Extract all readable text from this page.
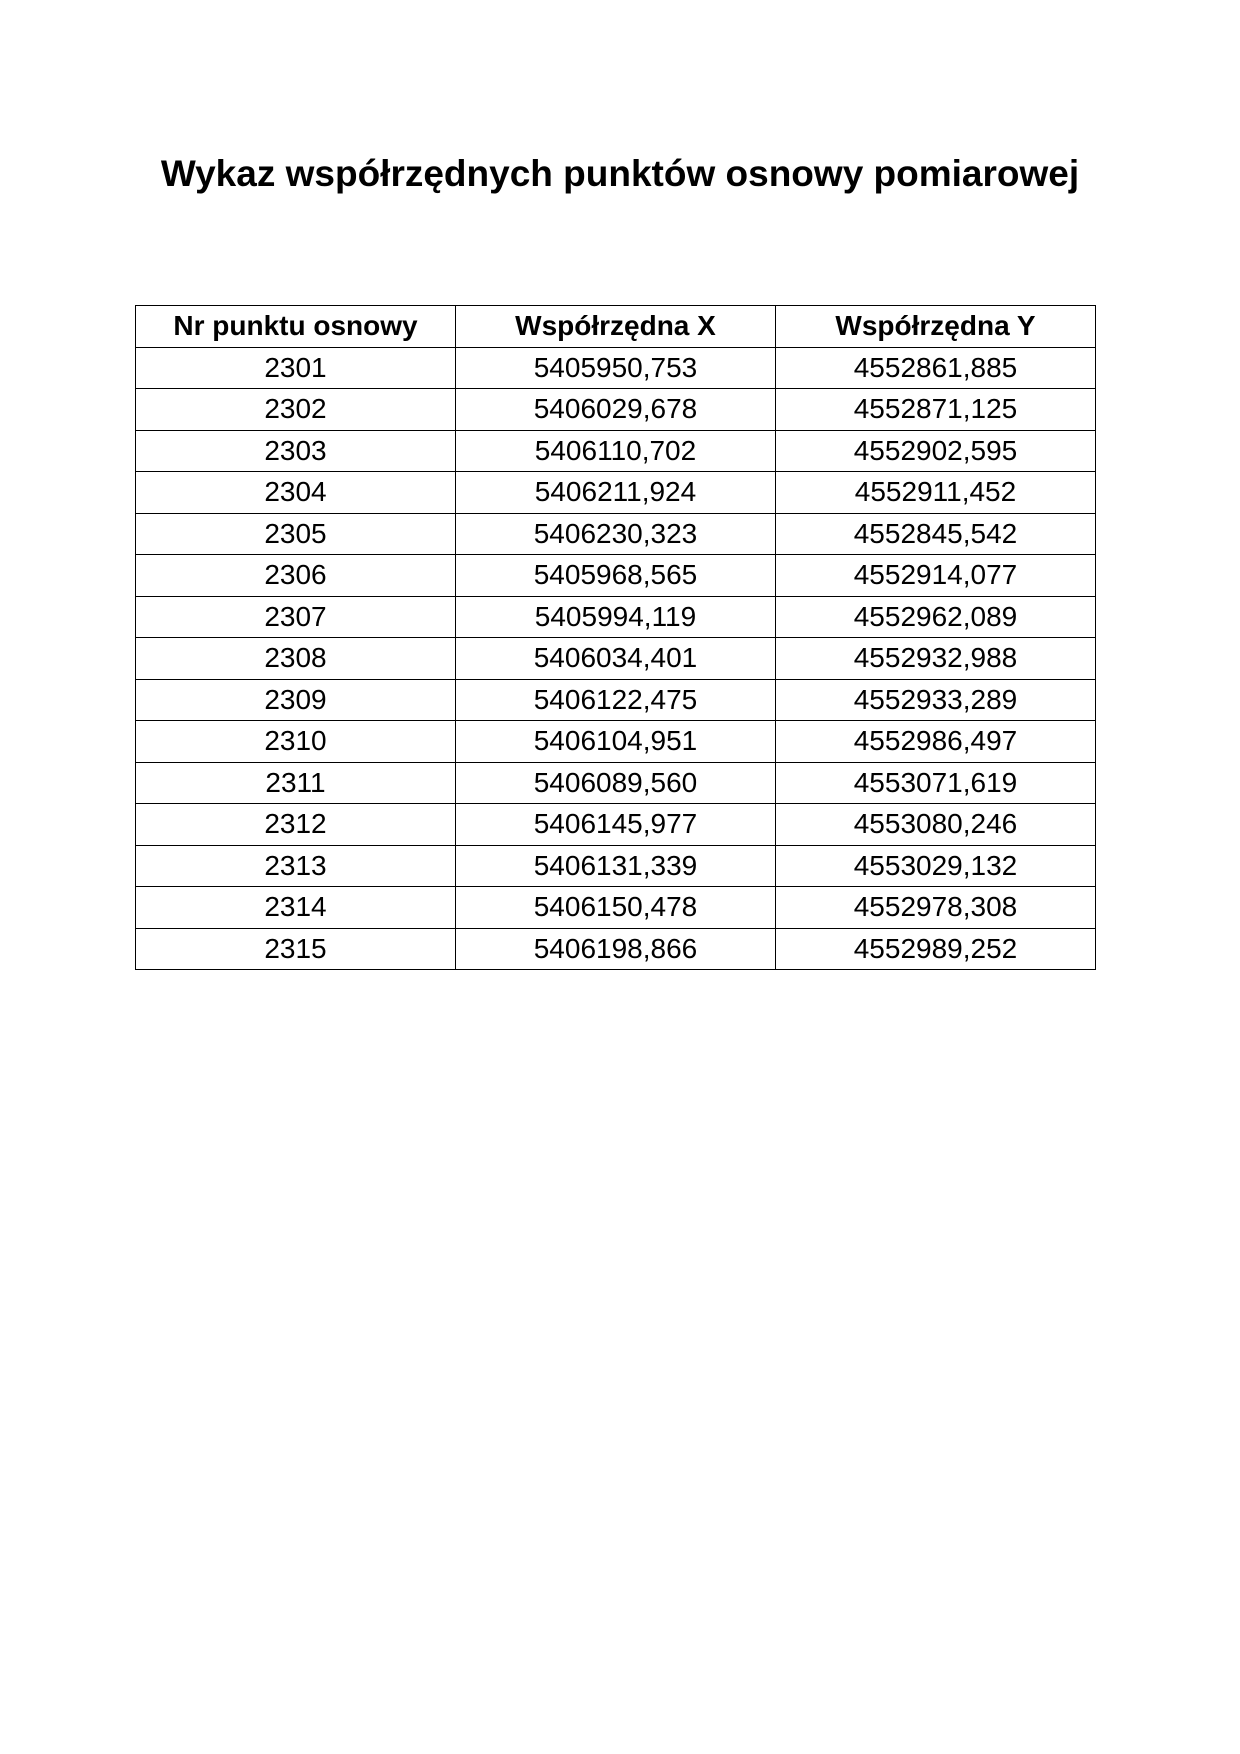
Wykaz współrzędnych punktów osnowy pomiarowej
Nr punktu osnowy	Współrzędna X	Współrzędna Y
2301	5405950,753	4552861,885
2302	5406029,678	4552871,125
2303	5406110,702	4552902,595
2304	5406211,924	4552911,452
2305	5406230,323	4552845,542
2306	5405968,565	4552914,077
2307	5405994,119	4552962,089
2308	5406034,401	4552932,988
2309	5406122,475	4552933,289
2310	5406104,951	4552986,497
2311	5406089,560	4553071,619
2312	5406145,977	4553080,246
2313	5406131,339	4553029,132
2314	5406150,478	4552978,308
2315	5406198,866	4552989,252
